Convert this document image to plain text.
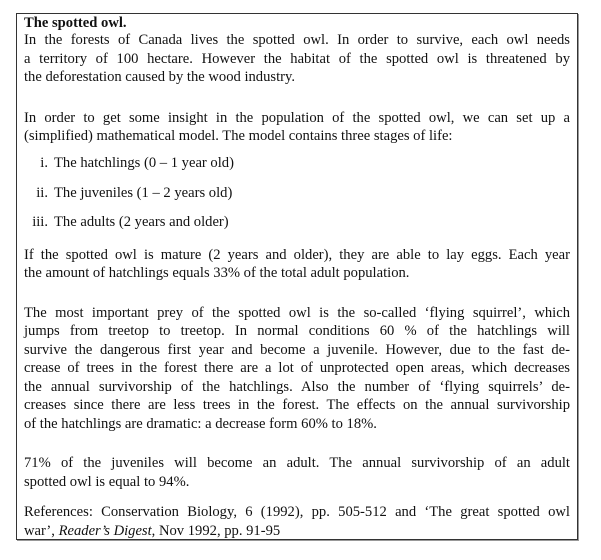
The spotted owl.
In the forests of Canada lives the spotted owl. In order to survive, each owl needs
a territory of 100 hectare. However the habitat of the spotted owl is threatened by
the deforestation caused by the wood industry.
In order to get some insight in the population of the spotted owl, we can set up a
(simplified) mathematical model. The model contains three stages of life:
i. The hatchlings (0 – 1 year old)
ii. The juveniles (1 – 2 years old)
iii. The adults (2 years and older)
If the spotted owl is mature (2 years and older), they are able to lay eggs. Each year
the amount of hatchlings equals 33% of the total adult population.
The most important prey of the spotted owl is the so-called ‘flying squirrel’, which
jumps from treetop to treetop. In normal conditions 60 % of the hatchlings will
survive the dangerous first year and become a juvenile. However, due to the fast de-
crease of trees in the forest there are a lot of unprotected open areas, which decreases
the annual survivorship of the hatchlings. Also the number of ‘flying squirrels’ de-
creases since there are less trees in the forest. The effects on the annual survivorship
of the hatchlings are dramatic: a decrease form 60% to 18%.
71% of the juveniles will become an adult. The annual survivorship of an adult
spotted owl is equal to 94%.
References: Conservation Biology, 6 (1992), pp. 505-512 and ‘The great spotted owl
war’, Reader’s Digest, Nov 1992, pp. 91-95
